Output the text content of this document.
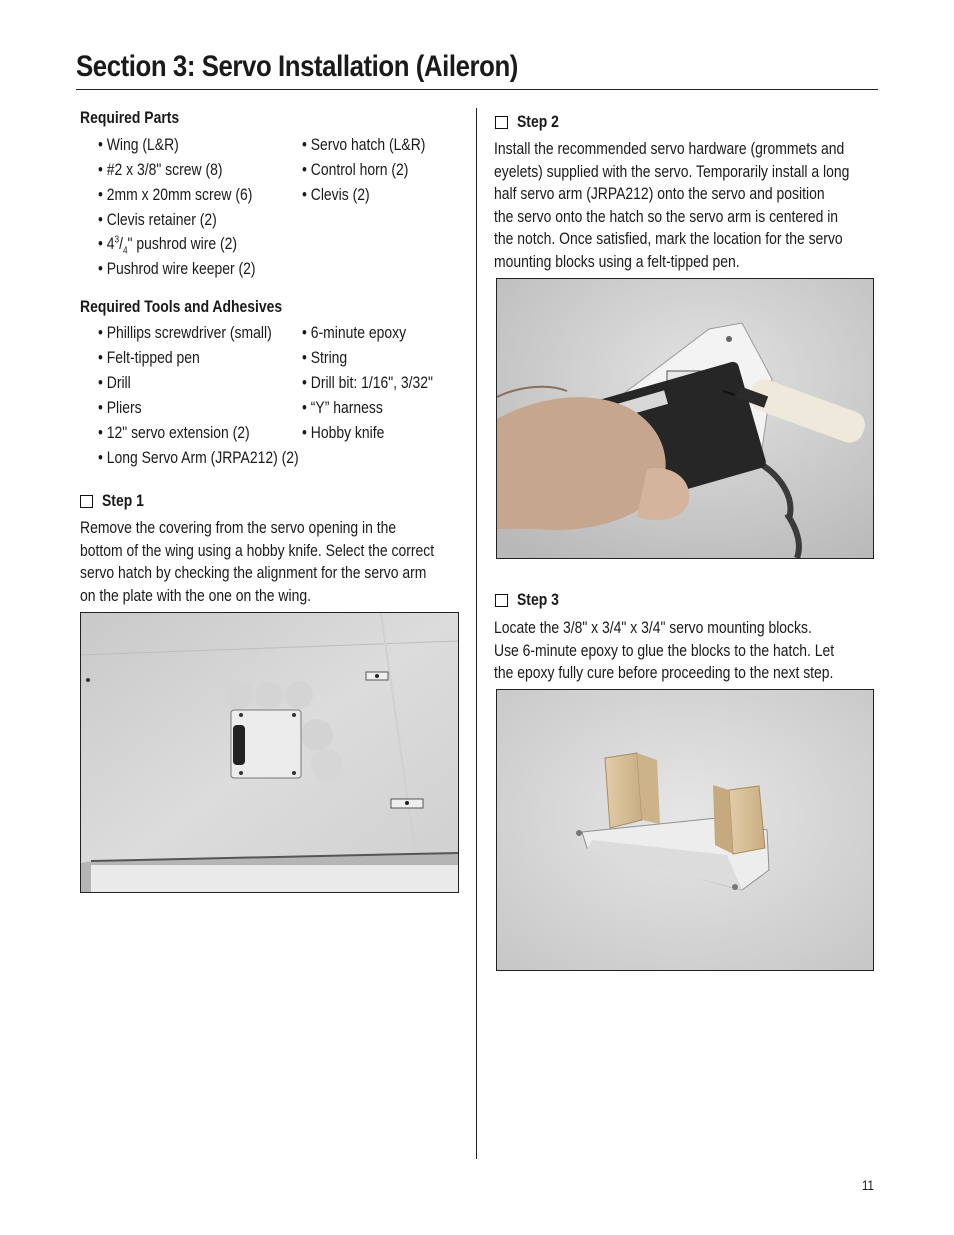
Section 3: Servo Installation (Aileron)
Required Parts
• Wing (L&R)
• #2 x 3/8" screw (8)
• 2mm x 20mm screw (6)
• Clevis retainer (2)
• $4^3/_4$" pushrod wire (2)
• Pushrod wire keeper (2)
• Servo hatch (L&R)
• Control horn (2)
• Clevis (2)
Required Tools and Adhesives
• Phillips screwdriver (small)
• Felt-tipped pen
• Drill
• Pliers
• 12" servo extension (2)
• Long Servo Arm (JRPA212) (2)
• 6-minute epoxy
• String
• Drill bit: 1/16", 3/32"
• “Y” harness
• Hobby knife
Step 1
Remove the covering from the servo opening in the
bottom of the wing using a hobby knife. Select the correct
servo hatch by checking the alignment for the servo arm
on the plate with the one on the wing.
Step 2
Install the recommended servo hardware (grommets and
eyelets) supplied with the servo. Temporarily install a long
half servo arm (JRPA212) onto the servo and position
the servo onto the hatch so the servo arm is centered in
the notch. Once satisfied, mark the location for the servo
mounting blocks using a felt-tipped pen.
Step 3
Locate the 3/8" x 3/4" x 3/4" servo mounting blocks.
Use 6-minute epoxy to glue the blocks to the hatch. Let
the epoxy fully cure before proceeding to the next step.
11
